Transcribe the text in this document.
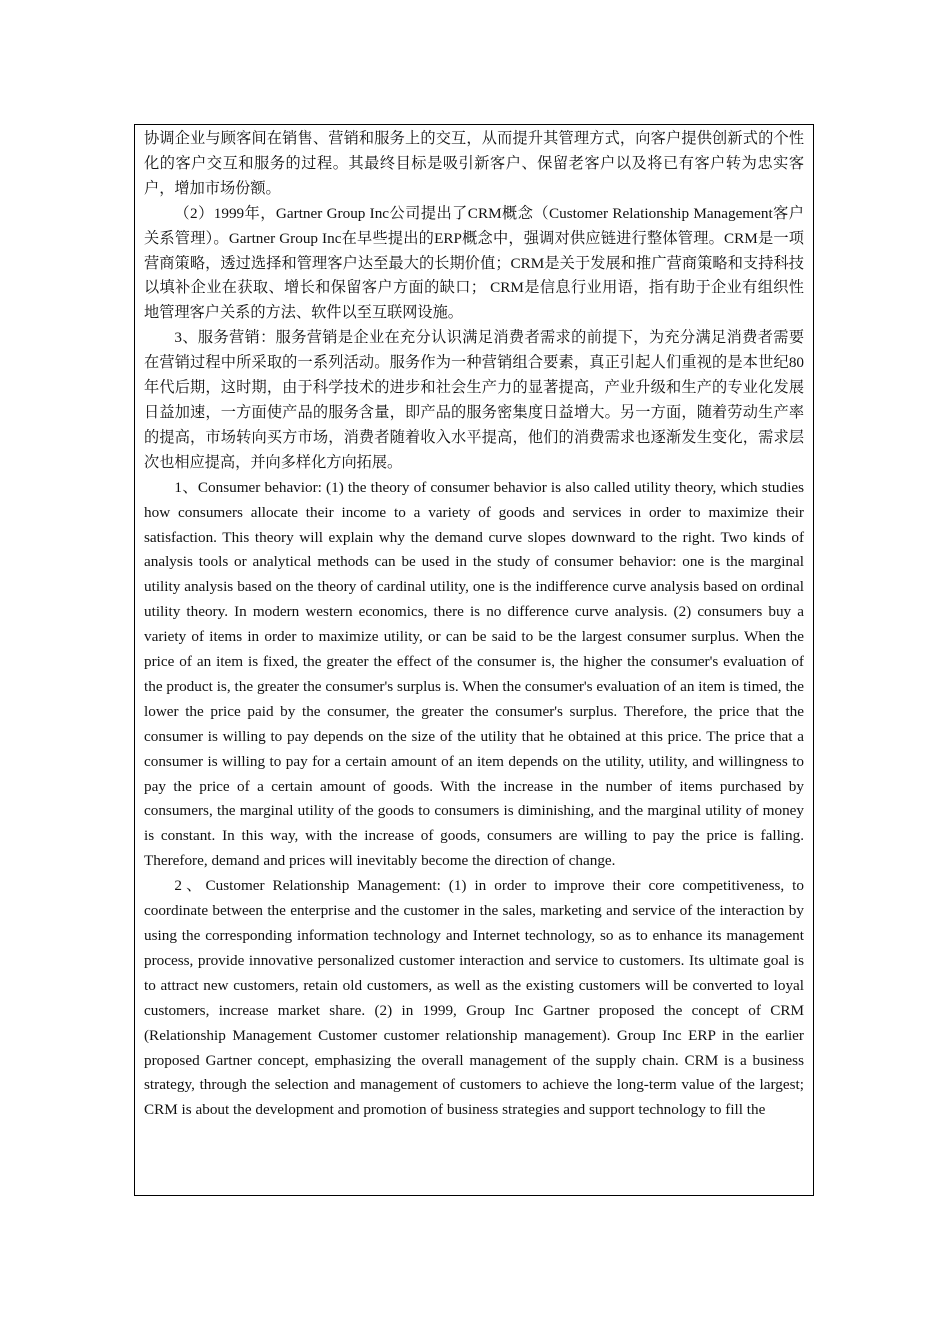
协调企业与顾客间在销售、营销和服务上的交互，从而提升其管理方式，向客户提供创新式的个性化的客户交互和服务的过程。其最终目标是吸引新客户、保留老客户以及将已有客户转为忠实客户，增加市场份额。

（2）1999年，Gartner Group Inc公司提出了CRM概念（Customer Relationship Management客户关系管理）。Gartner Group Inc在早些提出的ERP概念中，强调对供应链进行整体管理。CRM是一项营商策略，透过选择和管理客户达至最大的长期价值；CRM是关于发展和推广营商策略和支持科技以填补企业在获取、增长和保留客户方面的缺口； CRM是信息行业用语，指有助于企业有组织性地管理客户关系的方法、软件以至互联网设施。

3、服务营销：服务营销是企业在充分认识满足消费者需求的前提下，为充分满足消费者需要在营销过程中所采取的一系列活动。服务作为一种营销组合要素，真正引起人们重视的是本世纪80年代后期，这时期，由于科学技术的进步和社会生产力的显著提高，产业升级和生产的专业化发展日益加速，一方面使产品的服务含量，即产品的服务密集度日益增大。另一方面，随着劳动生产率的提高，市场转向买方市场，消费者随着收入水平提高，他们的消费需求也逐渐发生变化，需求层次也相应提高，并向多样化方向拓展。

1、Consumer behavior: (1) the theory of consumer behavior is also called utility theory, which studies how consumers allocate their income to a variety of goods and services in order to maximize their satisfaction. This theory will explain why the demand curve slopes downward to the right. Two kinds of analysis tools or analytical methods can be used in the study of consumer behavior: one is the marginal utility analysis based on the theory of cardinal utility, one is the indifference curve analysis based on ordinal utility theory. In modern western economics, there is no difference curve analysis. (2) consumers buy a variety of items in order to maximize utility, or can be said to be the largest consumer surplus. When the price of an item is fixed, the greater the effect of the consumer is, the higher the consumer's evaluation of the product is, the greater the consumer's surplus is. When the consumer's evaluation of an item is timed, the lower the price paid by the consumer, the greater the consumer's surplus. Therefore, the price that the consumer is willing to pay depends on the size of the utility that he obtained at this price. The price that a consumer is willing to pay for a certain amount of an item depends on the utility, utility, and willingness to pay the price of a certain amount of goods. With the increase in the number of items purchased by consumers, the marginal utility of the goods to consumers is diminishing, and the marginal utility of money is constant. In this way, with the increase of goods, consumers are willing to pay the price is falling. Therefore, demand and prices will inevitably become the direction of change.

2、Customer Relationship Management: (1) in order to improve their core competitiveness, to coordinate between the enterprise and the customer in the sales, marketing and service of the interaction by using the corresponding information technology and Internet technology, so as to enhance its management process, provide innovative personalized customer interaction and service to customers. Its ultimate goal is to attract new customers, retain old customers, as well as the existing customers will be converted to loyal customers, increase market share. (2) in 1999, Group Inc Gartner proposed the concept of CRM (Relationship Management Customer customer relationship management). Group Inc ERP in the earlier proposed Gartner concept, emphasizing the overall management of the supply chain. CRM is a business strategy, through the selection and management of customers to achieve the long-term value of the largest; CRM is about the development and promotion of business strategies and support technology to fill the
